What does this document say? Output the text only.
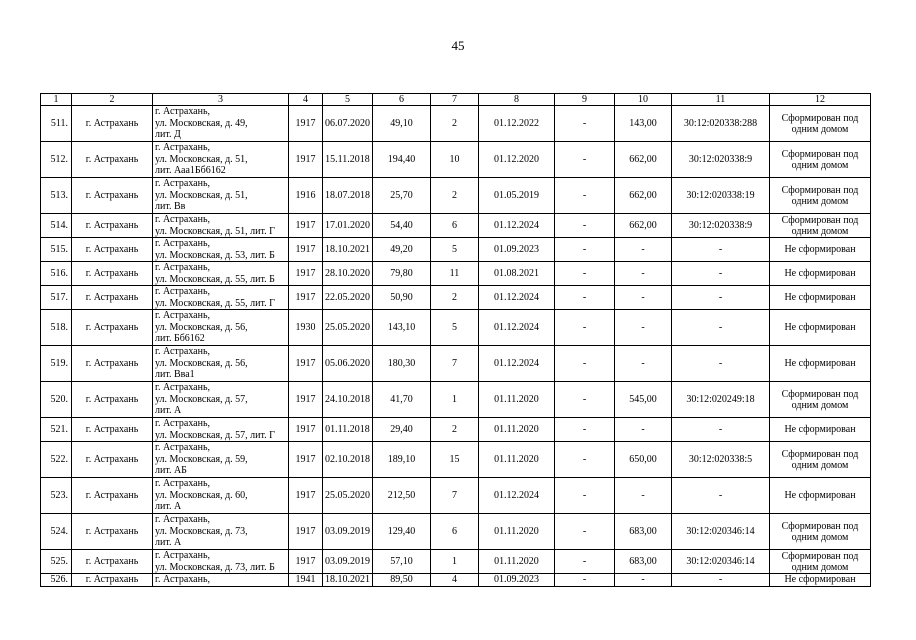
45
1	2	3	4	5	6	7	8	9	10	11	12
511.	г. Астрахань	г. Астрахань,
ул. Московская, д. 49,
лит. Д	1917	06.07.2020	49,10	2	01.12.2022	-	143,00	30:12:020338:288	Сформирован под
одним домом
512.	г. Астрахань	г. Астрахань,
ул. Московская, д. 51,
лит. Ааа1Бб6162	1917	15.11.2018	194,40	10	01.12.2020	-	662,00	30:12:020338:9	Сформирован под
одним домом
513.	г. Астрахань	г. Астрахань,
ул. Московская, д. 51,
лит. Вв	1916	18.07.2018	25,70	2	01.05.2019	-	662,00	30:12:020338:19	Сформирован под
одним домом
514.	г. Астрахань	г. Астрахань,
ул. Московская, д. 51, лит. Г	1917	17.01.2020	54,40	6	01.12.2024	-	662,00	30:12:020338:9	Сформирован под
одним домом
515.	г. Астрахань	г. Астрахань,
ул. Московская, д. 53, лит. Б	1917	18.10.2021	49,20	5	01.09.2023	-	-	-	Не сформирован
516.	г. Астрахань	г. Астрахань,
ул. Московская, д. 55, лит. Б	1917	28.10.2020	79,80	11	01.08.2021	-	-	-	Не сформирован
517.	г. Астрахань	г. Астрахань,
ул. Московская, д. 55, лит. Г	1917	22.05.2020	50,90	2	01.12.2024	-	-	-	Не сформирован
518.	г. Астрахань	г. Астрахань,
ул. Московская, д. 56,
лит. Бб6162	1930	25.05.2020	143,10	5	01.12.2024	-	-	-	Не сформирован
519.	г. Астрахань	г. Астрахань,
ул. Московская, д. 56,
лит. Вва1	1917	05.06.2020	180,30	7	01.12.2024	-	-	-	Не сформирован
520.	г. Астрахань	г. Астрахань,
ул. Московская, д. 57,
лит. А	1917	24.10.2018	41,70	1	01.11.2020	-	545,00	30:12:020249:18	Сформирован под
одним домом
521.	г. Астрахань	г. Астрахань,
ул. Московская, д. 57, лит. Г	1917	01.11.2018	29,40	2	01.11.2020	-	-	-	Не сформирован
522.	г. Астрахань	г. Астрахань,
ул. Московская, д. 59,
лит. АБ	1917	02.10.2018	189,10	15	01.11.2020	-	650,00	30:12:020338:5	Сформирован под
одним домом
523.	г. Астрахань	г. Астрахань,
ул. Московская, д. 60,
лит. А	1917	25.05.2020	212,50	7	01.12.2024	-	-	-	Не сформирован
524.	г. Астрахань	г. Астрахань,
ул. Московская, д. 73,
лит. А	1917	03.09.2019	129,40	6	01.11.2020	-	683,00	30:12:020346:14	Сформирован под
одним домом
525.	г. Астрахань	г. Астрахань,
ул. Московская, д. 73, лит. Б	1917	03.09.2019	57,10	1	01.11.2020	-	683,00	30:12:020346:14	Сформирован под
одним домом
526.	г. Астрахань	г. Астрахань,	1941	18.10.2021	89,50	4	01.09.2023	-	-	-	Не сформирован
